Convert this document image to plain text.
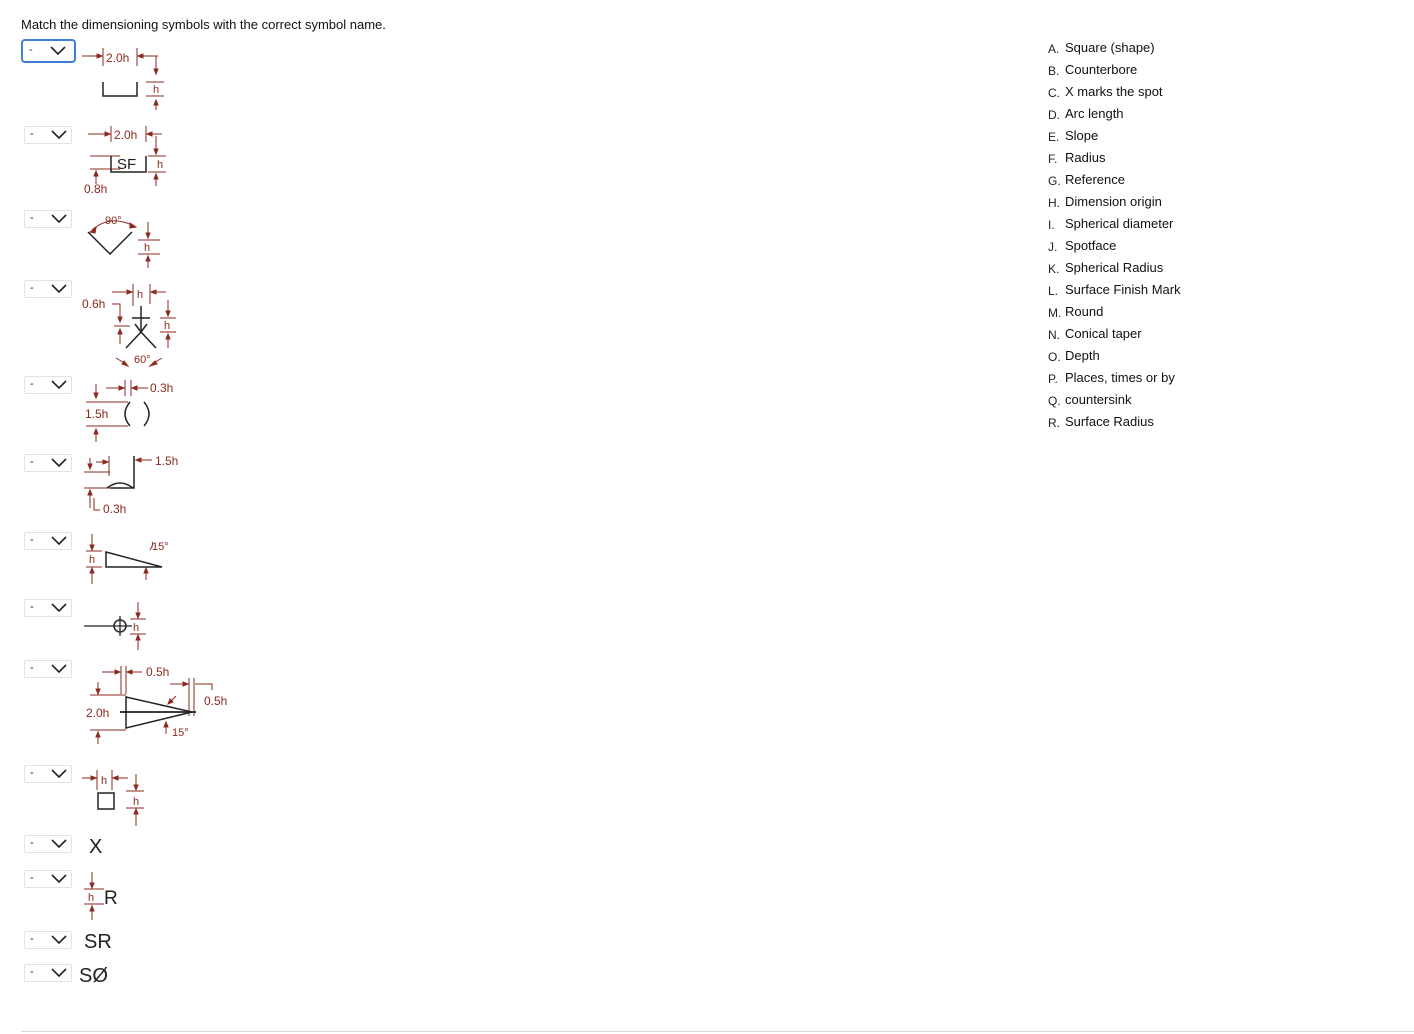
Match the dimensioning symbols with the correct symbol name.
-
-
-
-
-
-
-
-
-
-
-
-
-
-
2.0h
h
2.0h
h
0.8h
SF
90°
h
0.6h
h
h
60°
0.3h
1.5h
1.5h
0.3h
h
15°
h
0.5h
0.5h
2.0h
15°
h
h
X
h R
SR
SØ
A. Square (shape)
B. Counterbore
C. X marks the spot
D. Arc length
E. Slope
F. Radius
G. Reference
H. Dimension origin
I. Spherical diameter
J. Spotface
K. Spherical Radius
L. Surface Finish Mark
M. Round
N. Conical taper
O. Depth
P. Places, times or by
Q. countersink
R. Surface Radius
